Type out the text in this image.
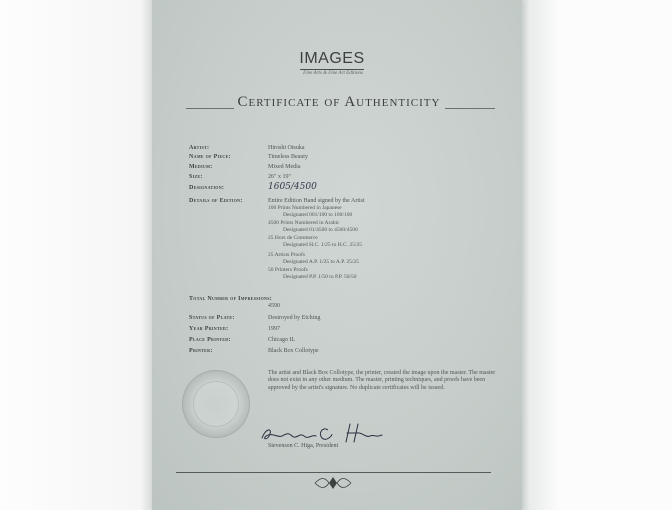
IMAGES
Fine Arts & Fine Art Editions
Certificate of Authenticity
Artist:
Name of Piece:
Medium:
Size:
Designation:
Details of Edition:
Total Number of Impressions:
Status of Plate:
Year Printed:
Place Printed:
Printer:
Hiroshi Otsuka
Timeless Beauty
Mixed Media
26" x 19"
1605/4500
Entire Edition Hand signed by the Artist
100 Prints Numbered in Japanese
Designated 001/100 to 100/100
4500 Prints Numbered in Arabic
Designated 01/4500 to 4500/4500
25 Hors de Commerce
Designated H.C. 1/25 to H.C. 25/25
25 Artists Proofs
Designated A.P. 1/25 to A.P. 25/25
50 Printers Proofs
Designated P.P. 1/50 to P.P. 50/50
4590
Destroyed by Etching
1997
Chicago IL
Black Box Collotype
The artist and Black Box Collotype, the printer, created the image upon the master. The master does not exist in any other medium. The master, printing techniques, and proofs have been approved by the artist's signature. No duplicate certificates will be issued.
Stevenson C. Higa, President
